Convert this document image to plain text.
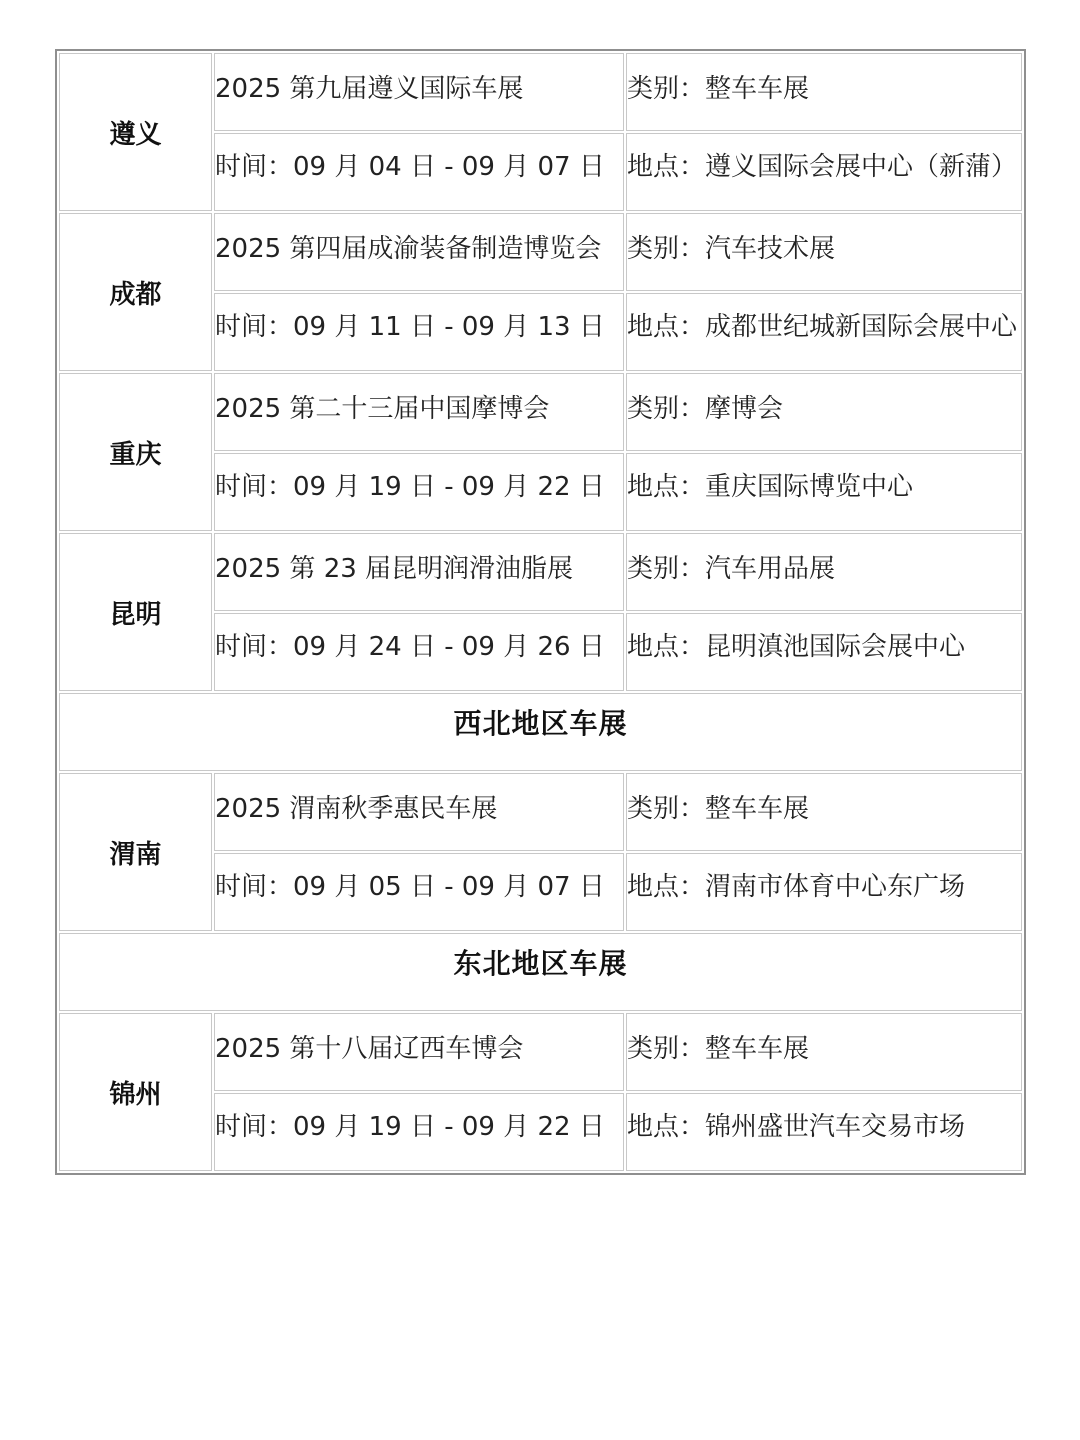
遵义	2025 第九届遵义国际车展	类别：整车车展

	时间：09 月 04 日 - 09 月 07 日	地点：遵义国际会展中心（新蒲）

成都	2025 第四届成渝装备制造博览会	类别：汽车技术展

	时间：09 月 11 日 - 09 月 13 日	地点：成都世纪城新国际会展中心

重庆	2025 第二十三届中国摩博会	类别：摩博会

	时间：09 月 19 日 - 09 月 22 日	地点：重庆国际博览中心

昆明	2025 第 23 届昆明润滑油脂展	类别：汽车用品展

	时间：09 月 24 日 - 09 月 26 日	地点：昆明滇池国际会展中心

西北地区车展		
渭南	2025 渭南秋季惠民车展	类别：整车车展

	时间：09 月 05 日 - 09 月 07 日	地点：渭南市体育中心东广场

东北地区车展		
锦州	2025 第十八届辽西车博会	类别：整车车展

	时间：09 月 19 日 - 09 月 22 日	地点：锦州盛世汽车交易市场
